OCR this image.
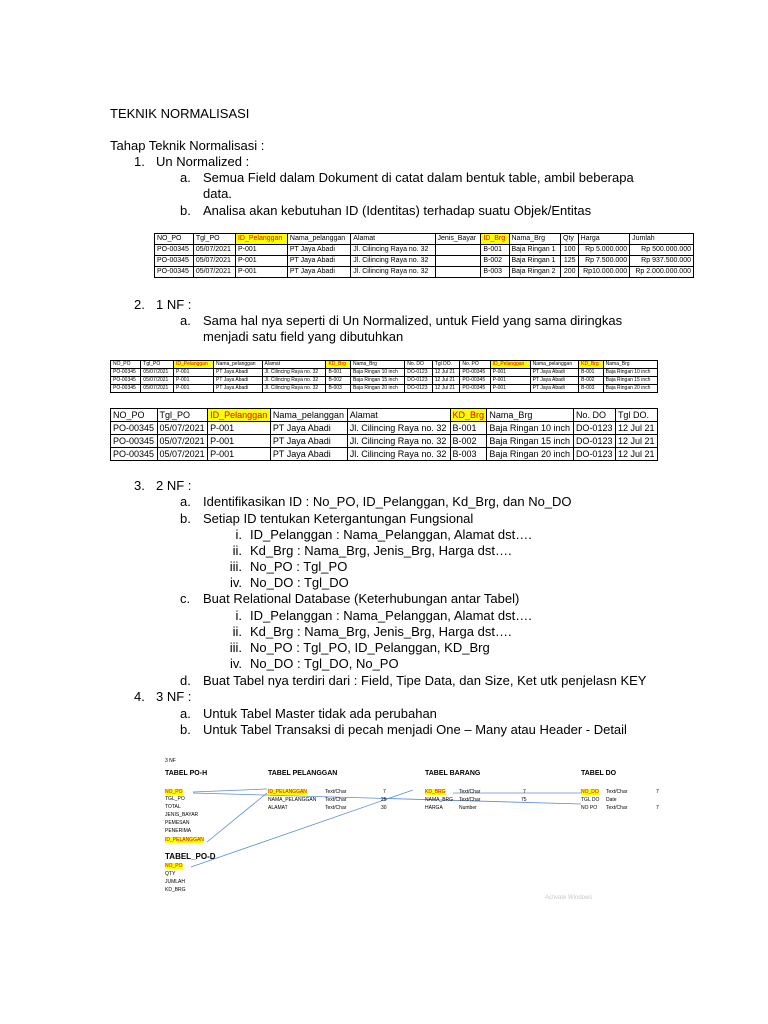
TEKNIK NORMALISASI
Tahap Teknik Normalisasi :
1. Un Normalized :
a. Semua Field dalam Dokument di catat dalam bentuk table, ambil beberapa
data.
b. Analisa akan kebutuhan ID (Identitas) terhadap suatu Objek/Entitas
NO_PO	Tgl_PO	ID_Pelanggan	Nama_pelanggan	Alamat	Jenis_Bayar	ID_Brg	Nama_Brg	Qty	Harga	Jumlah
PO-00345	05/07/2021	P-001	PT Jaya Abadi	Jl. Cilincing Raya no. 32		B-001	Baja Ringan 1	100	Rp 5.000.000	Rp 500.000.000
PO-00345	05/07/2021	P-001	PT Jaya Abadi	Jl. Cilincing Raya no. 32		B-002	Baja Ringan 1	125	Rp 7.500.000	Rp 937.500.000
PO-00345	05/07/2021	P-001	PT Jaya Abadi	Jl. Cilincing Raya no. 32		B-003	Baja Ringan 2	200	Rp10.000.000	Rp 2.000.000.000
2. 1 NF :
a. Sama hal nya seperti di Un Normalized, untuk Field yang sama diringkas
menjadi satu field yang dibutuhkan
NO_PO	Tgl_PO	ID_Pelanggan	Nama_pelanggan	Alamat	KD_Brg	Nama_Brg	No. DO	Tgl DO.	No. PO	ID_Pelanggan	Nama_pelanggan	KD_Brg	Nama_Brg
PO-00345	05/07/2021	P-001	PT Jaya Abadi	Jl. Cilincing Raya no. 32	B-001	Baja Ringan 10 inch	DO-0123	12 Jul 21	PO-00345	P-001	PT Jaya Abadi	B-001	Baja Ringan 10 inch
PO-00345	05/07/2021	P-001	PT Jaya Abadi	Jl. Cilincing Raya no. 32	B-002	Baja Ringan 15 inch	DO-0123	12 Jul 21	PO-00345	P-001	PT Jaya Abadi	B-002	Baja Ringan 15 inch
PO-00345	05/07/2021	P-001	PT Jaya Abadi	Jl. Cilincing Raya no. 32	B-003	Baja Ringan 20 inch	DO-0123	12 Jul 21	PO-00345	P-001	PT Jaya Abadi	B-003	Baja Ringan 20 inch
NO_PO	Tgl_PO	ID_Pelanggan	Nama_pelanggan	Alamat	KD_Brg	Nama_Brg	No. DO	Tgl DO.
PO-00345	05/07/2021	P-001	PT Jaya Abadi	Jl. Cilincing Raya no. 32	B-001	Baja Ringan 10 inch	DO-0123	12 Jul 21
PO-00345	05/07/2021	P-001	PT Jaya Abadi	Jl. Cilincing Raya no. 32	B-002	Baja Ringan 15 inch	DO-0123	12 Jul 21
PO-00345	05/07/2021	P-001	PT Jaya Abadi	Jl. Cilincing Raya no. 32	B-003	Baja Ringan 20 inch	DO-0123	12 Jul 21
3. 2 NF :
a. Identifikasikan ID : No_PO, ID_Pelanggan, Kd_Brg, dan No_DO
b. Setiap ID tentukan Ketergantungan Fungsional
i. ID_Pelanggan : Nama_Pelanggan, Alamat dst….
ii. Kd_Brg : Nama_Brg, Jenis_Brg, Harga dst….
iii. No_PO : Tgl_PO
iv. No_DO : Tgl_DO
c. Buat Relational Database (Keterhubungan antar Tabel)
i. ID_Pelanggan : Nama_Pelanggan, Alamat dst….
ii. Kd_Brg : Nama_Brg, Jenis_Brg, Harga dst….
iii. No_PO : Tgl_PO, ID_Pelanggan, KD_Brg
iv. No_DO : Tgl_DO, No_PO
d. Buat Tabel nya terdiri dari : Field, Tipe Data, dan Size, Ket utk penjelasn KEY
4. 3 NF :
a. Untuk Tabel Master tidak ada perubahan
b. Untuk Tabel Transaksi di pecah menjadi One – Many atau Header - Detail
3 NF
TABEL PO-H
NO_PO
TGL_PO
TOTAL
JENIS_BAYAR
PEMESAN
PENERIMA
ID_PELANGGAN
TABEL_PO-D
NO_PO
QTY
JUMLAH
KD_BRG
TABEL PELANGGAN
ID_PELANGGAN	Text/Char	7
NAMA_PELANGGAN Text/Char	25
ALAMAT	Text/Char	30
TABEL BARANG
KD_BRG	Text/Char	7
NAMA_BRG Text/Char	75
HARGA	Number
TABEL DO
NO_DO Text/Char	7
TGL DO Date
NO PO Text/Char	7
Activate Windows
